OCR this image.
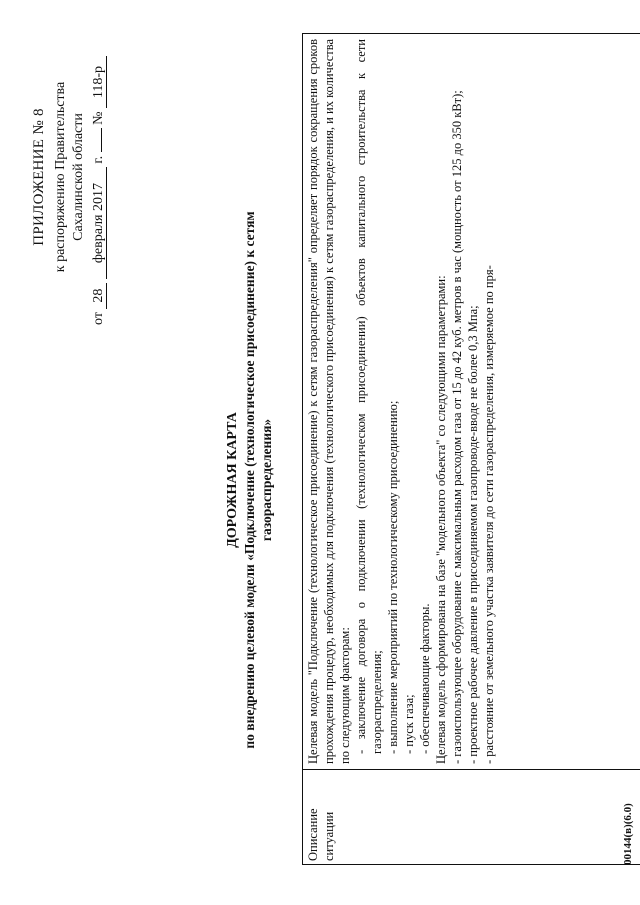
ПРИЛОЖЕНИЕ № 8 к распоряжению Правительства Сахалинской области
от 28 февраля 2017 г.  № 118-р
ДОРОЖНАЯ КАРТА по внедрению целевой модели «Подключение (технологическое присоединение) к сетям газораспределения»
Описание ситуации

Целевая модель "Подключение (технологическое присоединение) к сетям газораспределения" определяет порядок сокращения сроков прохождения процедур, необходимых для подключения (технологического присоединения) к сетям газораспределения, и их количества по следующим факторам: - заключение договора о подключении (технологическом присоединении) объектов капитального строительства к сети газораспределения; - выполнение мероприятий по технологическому присоединению; - пуск газа; - обеспечивающие факторы. Целевая модель сформирована на базе "модельного объекта" со следующими параметрами: - газоиспользующее оборудование с максимальным расходом газа от 15 до 42 куб. метров в час (мощность от 125 до 350 кВт); - проектное рабочее давление в присоединяемом газопроводе-вводе не более 0,3 Мпа; - расстояние от земельного участка заявителя до сети газораспределения, измеряемое по пря-

00144(в)(6.0)
